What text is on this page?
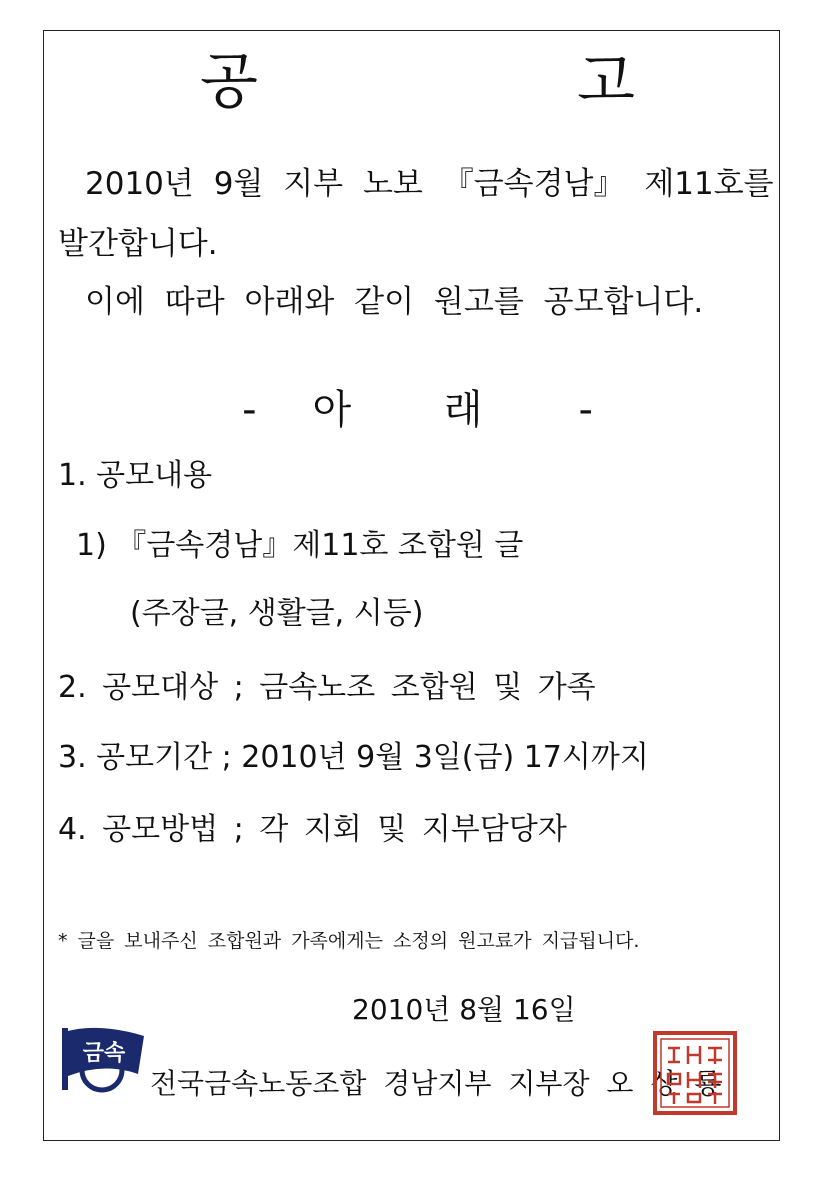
공 고
2010년 9월 지부 노보 『금속경남』 제11호를
발간합니다.
이에 따라 아래와 같이 원고를 공모합니다.
- 아 래 -
1. 공모내용
1) 『금속경남』제11호 조합원 글
(주장글, 생활글, 시등)
2. 공모대상 ; 금속노조 조합원 및 가족
3. 공모기간 ; 2010년 9월 3일(금) 17시까지
4. 공모방법 ; 각 지회 및 지부담당자
* 글을 보내주신 조합원과 가족에게는 소정의 원고료가 지급됩니다.
2010년 8월 16일
금속
전국금속노동조합 경남지부 지부장 오 상 룡
